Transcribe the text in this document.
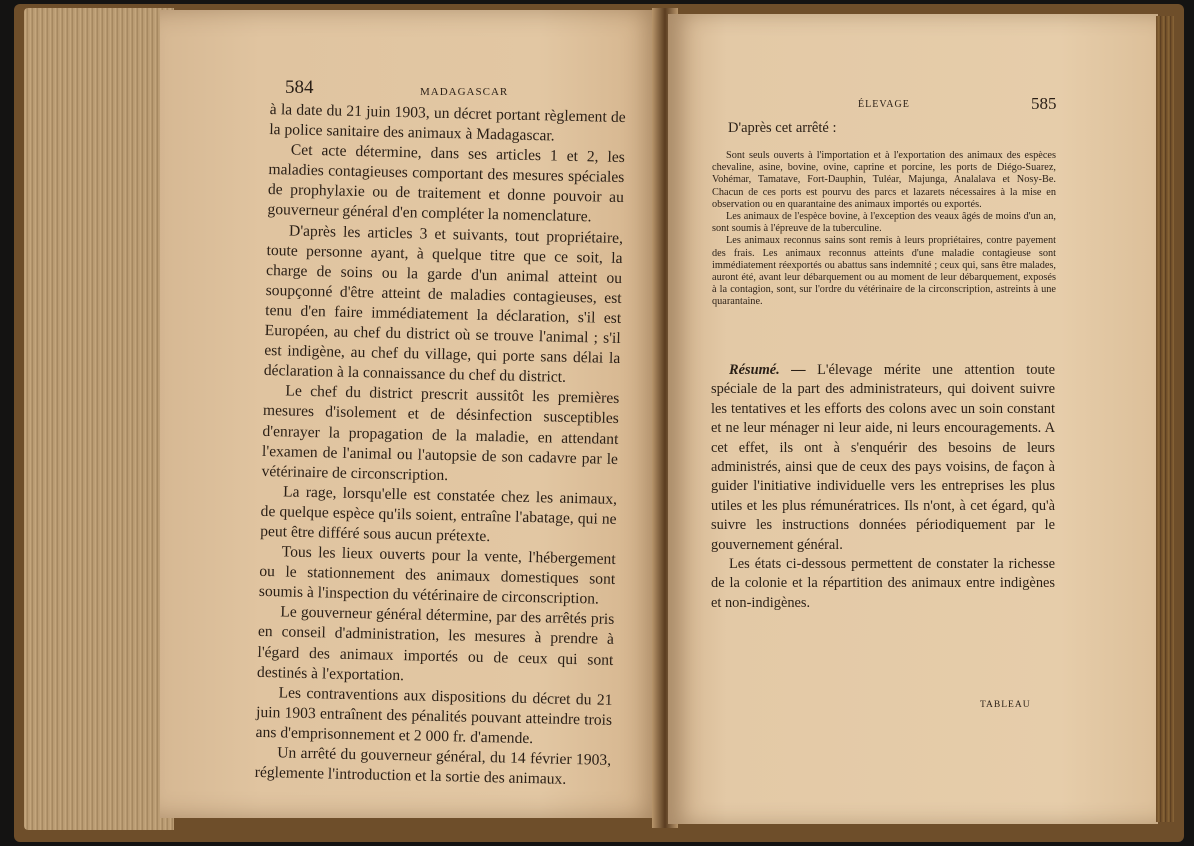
584	MADAGASCAR

à la date du 21 juin 1903, un décret portant règlement de la police sanitaire des animaux à Madagascar.

Cet acte détermine, dans ses articles 1 et 2, les maladies contagieuses comportant des mesures spéciales de prophylaxie ou de traitement et donne pouvoir au gouverneur général d'en compléter la nomenclature.

D'après les articles 3 et suivants, tout propriétaire, toute personne ayant, à quelque titre que ce soit, la charge de soins ou la garde d'un animal atteint ou soupçonné d'être atteint de maladies contagieuses, est tenu d'en faire immédiatement la déclaration, s'il est Européen, au chef du district où se trouve l'animal ; s'il est indigène, au chef du village, qui porte sans délai la déclaration à la connaissance du chef du district.

Le chef du district prescrit aussitôt les premières mesures d'isolement et de désinfection susceptibles d'enrayer la propagation de la maladie, en attendant l'examen de l'animal ou l'autopsie de son cadavre par le vétérinaire de circonscription.

La rage, lorsqu'elle est constatée chez les animaux, de quelque espèce qu'ils soient, entraîne l'abatage, qui ne peut être différé sous aucun prétexte.

Tous les lieux ouverts pour la vente, l'hébergement ou le stationnement des animaux domestiques sont soumis à l'inspection du vétérinaire de circonscription.

Le gouverneur général détermine, par des arrêtés pris en conseil d'administration, les mesures à prendre à l'égard des animaux importés ou de ceux qui sont destinés à l'exportation.

Les contraventions aux dispositions du décret du 21 juin 1903 entraînent des pénalités pouvant atteindre trois ans d'emprisonnement et 2 000 fr. d'amende.

Un arrêté du gouverneur général, du 14 février 1903, réglemente l'introduction et la sortie des animaux.

ÉLEVAGE	585
D'après cet arrêté :

Sont seuls ouverts à l'importation et à l'exportation des animaux des espèces chevaline, asine, bovine, ovine, caprine et porcine, les ports de Diégo-Suarez, Vohémar, Tamatave, Fort-Dauphin, Tuléar, Majunga, Analalava et Nosy-Be. Chacun de ces ports est pourvu des parcs et lazarets nécessaires à la mise en observation ou en quarantaine des animaux importés ou exportés.

Les animaux de l'espèce bovine, à l'exception des veaux âgés de moins d'un an, sont soumis à l'épreuve de la tuberculine.

Les animaux reconnus sains sont remis à leurs propriétaires, contre payement des frais. Les animaux reconnus atteints d'une maladie contagieuse sont immédiatement réexportés ou abattus sans indemnité ; ceux qui, sans être malades, auront été, avant leur débarquement ou au moment de leur débarquement, exposés à la contagion, sont, sur l'ordre du vétérinaire de la circonscription, astreints à une quarantaine.

Résumé. — L'élevage mérite une attention toute spéciale de la part des administrateurs, qui doivent suivre les tentatives et les efforts des colons avec un soin constant et ne leur ménager ni leur aide, ni leurs encouragements. A cet effet, ils ont à s'enquérir des besoins de leurs administrés, ainsi que de ceux des pays voisins, de façon à guider l'initiative individuelle vers les entreprises les plus utiles et les plus rémunératrices. Ils n'ont, à cet égard, qu'à suivre les instructions données périodiquement par le gouvernement général.

Les états ci-dessous permettent de constater la richesse de la colonie et la répartition des animaux entre indigènes et non-indigènes.

TABLEAU
